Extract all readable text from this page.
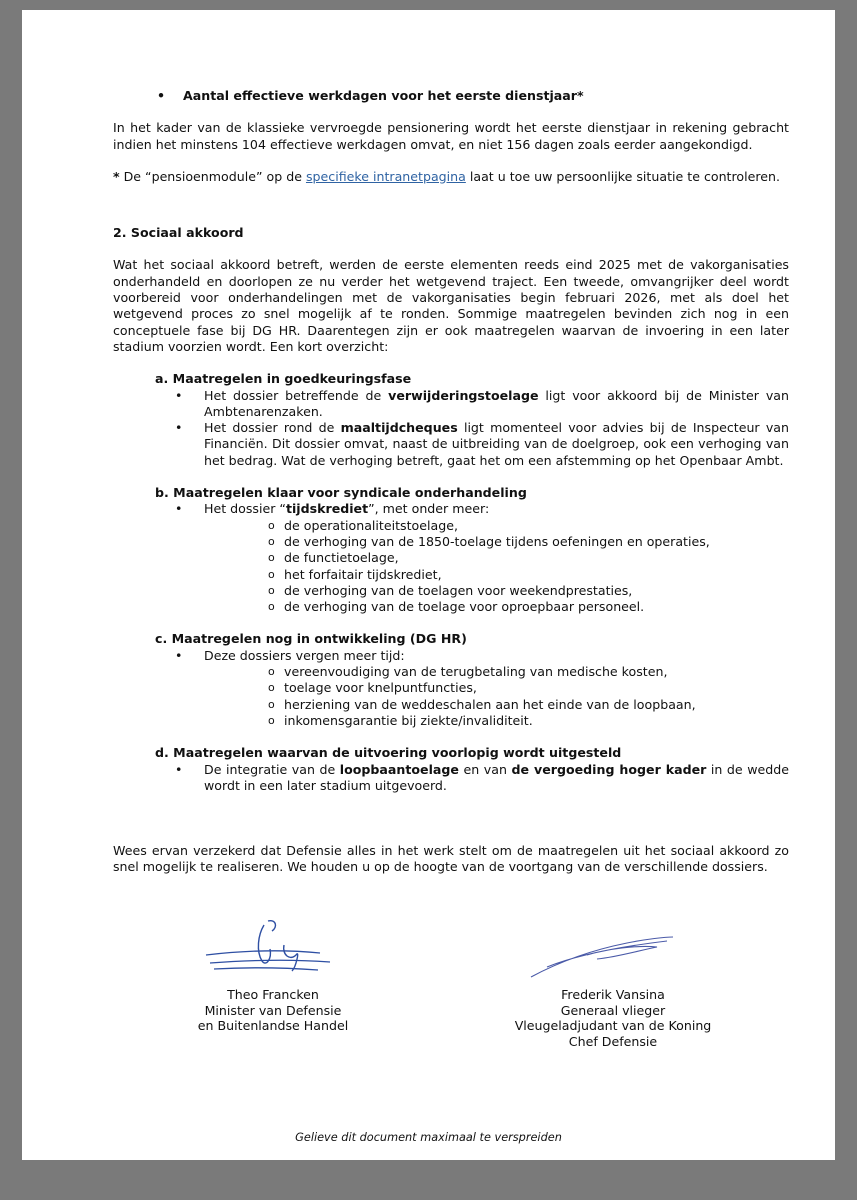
• Aantal effectieve werkdagen voor het eerste dienstjaar*

In het kader van de klassieke vervroegde pensionering wordt het eerste dienstjaar in rekening gebracht indien het minstens 104 effectieve werkdagen omvat, en niet 156 dagen zoals eerder aangekondigd.

* De “pensioenmodule” op de specifieke intranetpagina laat u toe uw persoonlijke situatie te controleren.

2. Sociaal akkoord

Wat het sociaal akkoord betreft, werden de eerste elementen reeds eind 2025 met de vakorganisaties onderhandeld en doorlopen ze nu verder het wetgevend traject. Een tweede, omvangrijker deel wordt voorbereid voor onderhandelingen met de vakorganisaties begin februari 2026, met als doel het wetgevend proces zo snel mogelijk af te ronden. Sommige maatregelen bevinden zich nog in een conceptuele fase bij DG HR. Daarentegen zijn er ook maatregelen waarvan de invoering in een later stadium voorzien wordt. Een kort overzicht:

a. Maatregelen in goedkeuringsfase

• Het dossier betreffende de verwijderingstoelage ligt voor akkoord bij de Minister van Ambtenarenzaken.
• Het dossier rond de maaltijdcheques ligt momenteel voor advies bij de Inspecteur van Financiën. Dit dossier omvat, naast de uitbreiding van de doelgroep, ook een verhoging van het bedrag. Wat de verhoging betreft, gaat het om een afstemming op het Openbaar Ambt.

b. Maatregelen klaar voor syndicale onderhandeling

• Het dossier “tijdskrediet”, met onder meer:
o de operationaliteitstoelage,
o de verhoging van de 1850-toelage tijdens oefeningen en operaties,
o de functietoelage,
o het forfaitair tijdskrediet,
o de verhoging van de toelagen voor weekendprestaties,
o de verhoging van de toelage voor oproepbaar personeel.

c. Maatregelen nog in ontwikkeling (DG HR)

• Deze dossiers vergen meer tijd:
o vereenvoudiging van de terugbetaling van medische kosten,
o toelage voor knelpuntfuncties,
o herziening van de weddeschalen aan het einde van de loopbaan,
o inkomensgarantie bij ziekte/invaliditeit.

d. Maatregelen waarvan de uitvoering voorlopig wordt uitgesteld

• De integratie van de loopbaantoelage en van de vergoeding hoger kader in de wedde wordt in een later stadium uitgevoerd.

Wees ervan verzekerd dat Defensie alles in het werk stelt om de maatregelen uit het sociaal akkoord zo snel mogelijk te realiseren. We houden u op de hoogte van de voortgang van de verschillende dossiers.

Theo Francken
Minister van Defensie
en Buitenlandse Handel
Frederik Vansina
Generaal vlieger
Vleugeladjudant van de Koning
Chef Defensie
Gelieve dit document maximaal te verspreiden
